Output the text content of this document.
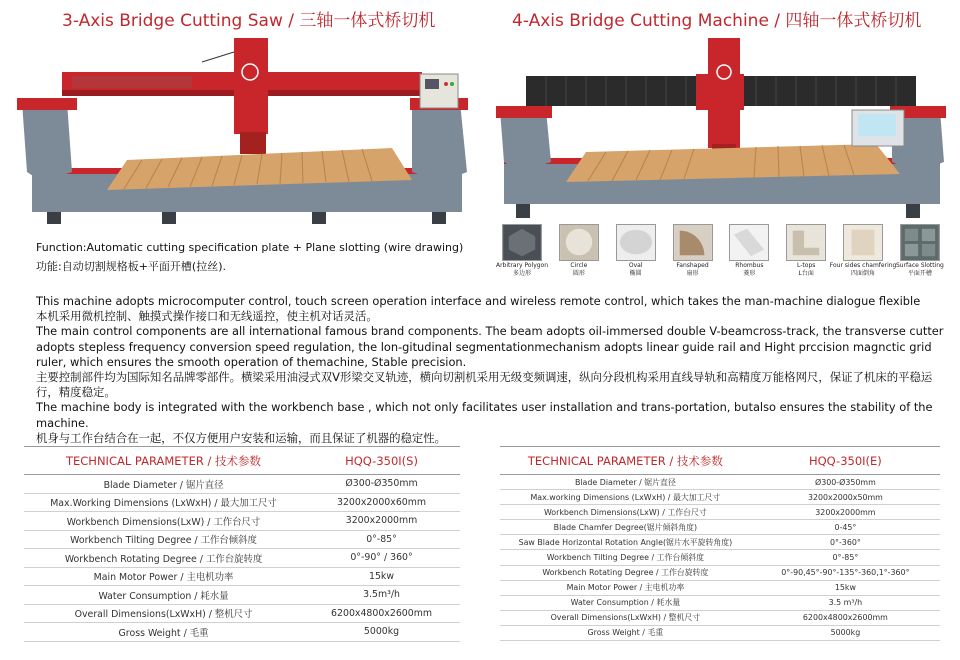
3-Axis Bridge Cutting Saw / 三轴一体式桥切机	4-Axis Bridge Cutting Machine / 四轴一体式桥切机
Function:Automatic cutting specification plate + Plane slotting (wire drawing)
功能:自动切割规格板+平面开槽(拉丝).	Arbitrary Polygon
多边形
Circle
圆形
Oval
椭圆
Fanshaped
扇形
Rhombus
菱形
L-tops
L台面
Four sides chamfering
四面倒角
Surface Slotting
平面开槽

This machine adopts microcomputer control, touch screen operation interface and wireless remote control, which takes the man-machine dialogue flexible

本机采用微机控制、触摸式操作接口和无线遥控，使主机对话灵活。

The main control components are all international famous brand components. The beam adopts oil-immersed double V-beamcross-track, the transverse cutter adopts stepless frequency conversion speed regulation, the lon-gitudinal segmentationmechanism adopts linear guide rail and Hight prccision magnctic grid ruler, which ensures the smooth operation of themachine, Stable precision.

主要控制部件均为国际知名品牌零部件。横梁采用油浸式双V形梁交叉轨迹，横向切割机采用无级变频调速，纵向分段机构采用直线导轨和高精度万能格网尺，保证了机床的平稳运行，精度稳定。

The machine body is integrated with the workbench base , which not only facilitates user installation and trans-portation, butalso ensures the stability of the machine.

机身与工作台结合在一起，不仅方便用户安装和运输，而且保证了机器的稳定性。

TECHNICAL PARAMETER / 技术参数	HQQ-350I(S)
Blade Diameter / 锯片直径	Ø300-Ø350mm
Max.Working Dimensions (LxWxH) / 最大加工尺寸	3200x2000x60mm
Workbench Dimensions(LxW) / 工作台尺寸	3200x2000mm
Workbench Tilting Degree / 工作台倾斜度	0°-85°
Workbench Rotating Degree / 工作台旋转度	0°-90° / 360°
Main Motor Power / 主电机功率	15kw
Water Consumption / 耗水量	3.5m³/h
Overall Dimensions(LxWxH) / 整机尺寸	6200x4800x2600mm
Gross Weight / 毛重	5000kg
TECHNICAL PARAMETER / 技术参数	HQQ-350I(E)
Blade Diameter / 锯片直径	Ø300-Ø350mm
Max.working Dimensions (LxWxH) / 最大加工尺寸	3200x2000x50mm
Workbench Dimensions(LxW) / 工作台尺寸	3200x2000mm
Blade Chamfer Degree(锯片倾斜角度)	0-45°
Saw Blade Horizontal Rotation Angle(锯片水平旋转角度)	0°-360°
Workbench Tilting Degree / 工作台倾斜度	0°-85°
Workbench Rotating Degree / 工作台旋转度	0°-90,45°-90°-135°-360,1°-360°
Main Motor Power / 主电机功率	15kw
Water Consumption / 耗水量	3.5 m³/h
Overall Dimensions(LxWxH) / 整机尺寸	6200x4800x2600mm
Gross Weight / 毛重	5000kg
